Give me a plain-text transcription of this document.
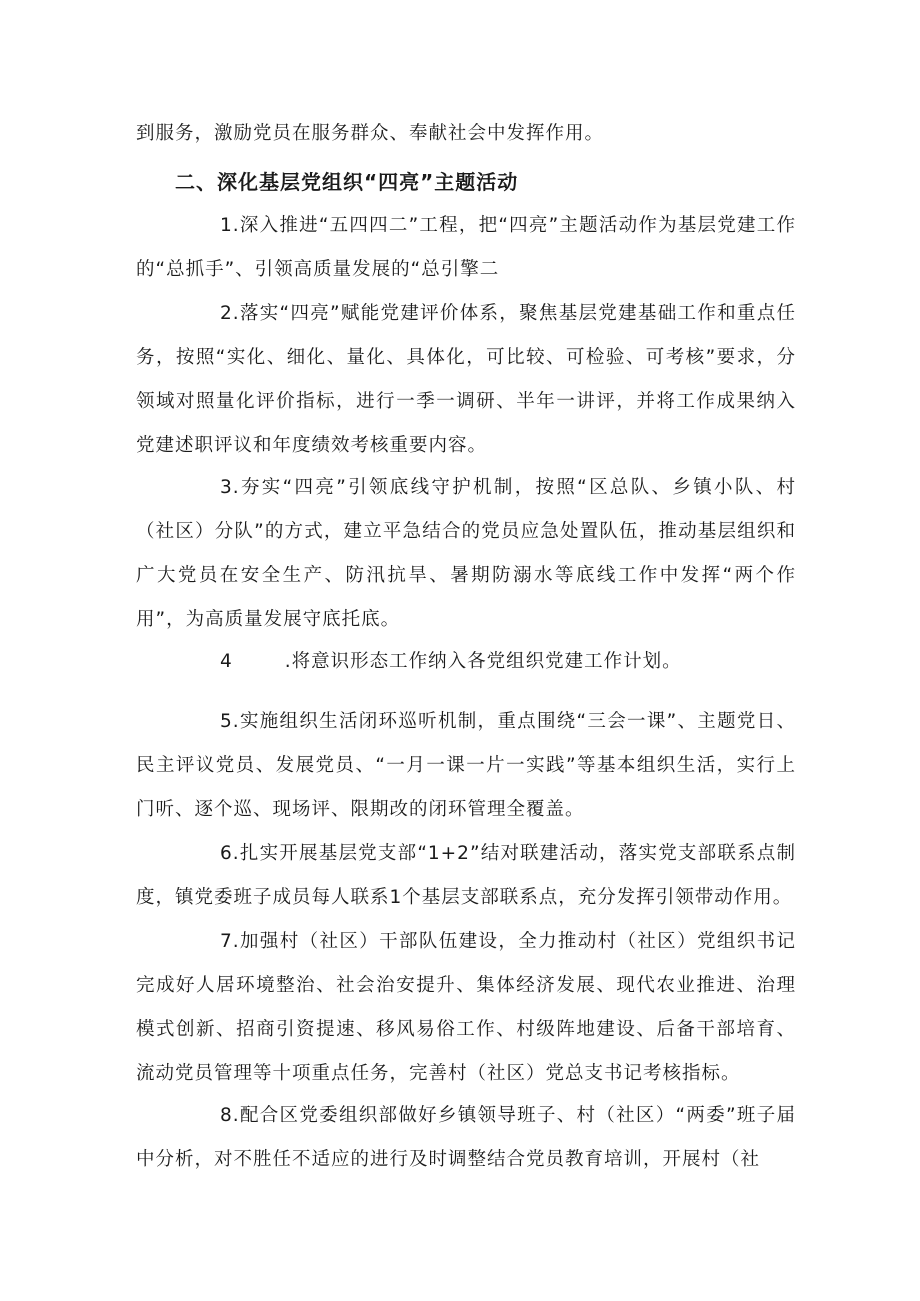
到服务，激励党员在服务群众、奉献社会中发挥作用。
二、深化基层党组织“四亮”主题活动
1.深入推进“五四四二”工程，把“四亮”主题活动作为基层党建工作的“总抓手”、引领高质量发展的“总引擎二
2.落实“四亮”赋能党建评价体系，聚焦基层党建基础工作和重点任务，按照“实化、细化、量化、具体化，可比较、可检验、可考核”要求，分领域对照量化评价指标，进行一季一调研、半年一讲评，并将工作成果纳入党建述职评议和年度绩效考核重要内容。
3.夯实“四亮”引领底线守护机制，按照“区总队、乡镇小队、村（社区）分队”的方式，建立平急结合的党员应急处置队伍，推动基层组织和广大党员在安全生产、防汛抗旱、暑期防溺水等底线工作中发挥“两个作用”，为高质量发展守底托底。
4	.将意识形态工作纳入各党组织党建工作计划。
5.实施组织生活闭环巡听机制，重点围绕“三会一课”、主题党日、民主评议党员、发展党员、“一月一课一片一实践”等基本组织生活，实行上门听、逐个巡、现场评、限期改的闭环管理全覆盖。
6.扎实开展基层党支部“1+2”结对联建活动，落实党支部联系点制度，镇党委班子成员每人联系1个基层支部联系点，充分发挥引领带动作用。
7.加强村（社区）干部队伍建设，全力推动村（社区）党组织书记完成好人居环境整治、社会治安提升、集体经济发展、现代农业推进、治理模式创新、招商引资提速、移风易俗工作、村级阵地建设、后备干部培育、流动党员管理等十项重点任务，完善村（社区）党总支书记考核指标。
8.配合区党委组织部做好乡镇领导班子、村（社区）“两委”班子届中分析，对不胜任不适应的进行及时调整结合党员教育培训，开展村（社
